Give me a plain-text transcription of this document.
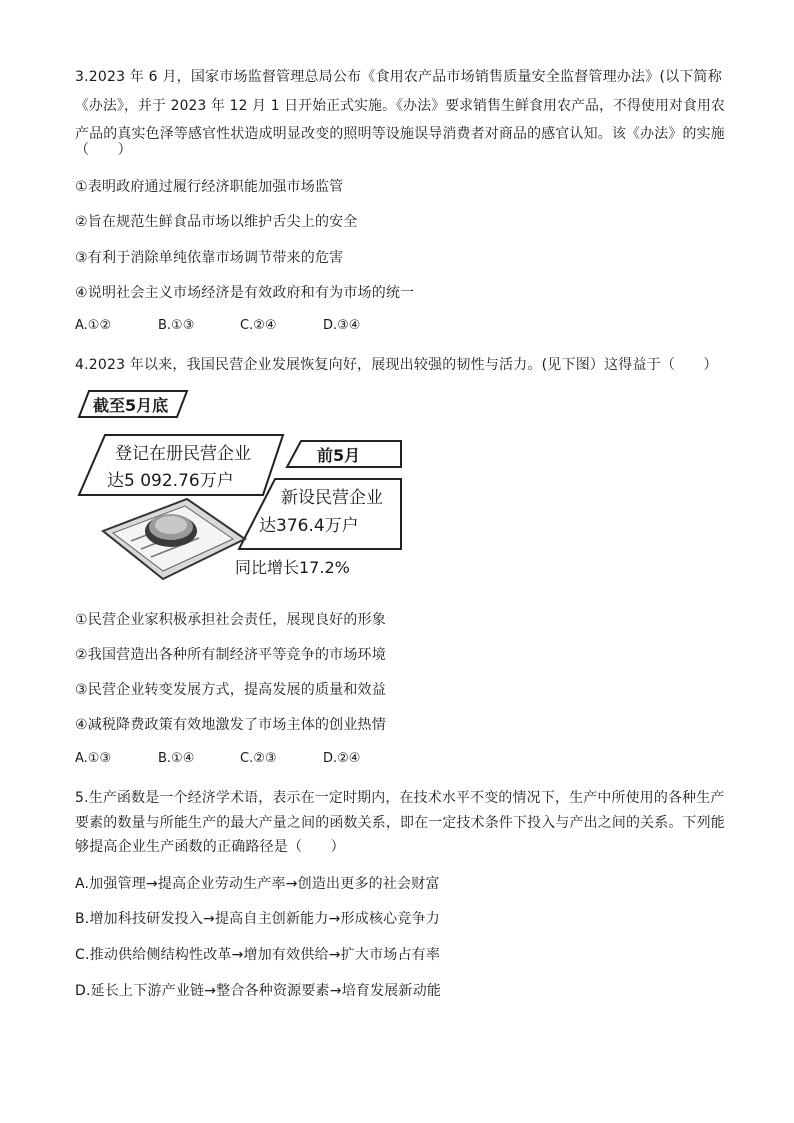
3.2023 年 6 月，国家市场监督管理总局公布《食用农产品市场销售质量安全监督管理办法》(以下简称
《办法》，并于 2023 年 12 月 1 日开始正式实施。《办法》要求销售生鲜食用农产品，不得使用对食用农
产品的真实色泽等感官性状造成明显改变的照明等设施误导消费者对商品的感官认知。该《办法》的实施
（　　）
①表明政府通过履行经济职能加强市场监管
②旨在规范生鲜食品市场以维护舌尖上的安全
③有利于消除单纯依靠市场调节带来的危害
④说明社会主义市场经济是有效政府和有为市场的统一
A.①②	B.①③	C.②④	D.③④
4.2023 年以来，我国民营企业发展恢复向好，展现出较强的韧性与活力。(见下图）这得益于（　　）
截至5月底
登记在册民营企业
达5 092.76万户
前5月
新设民营企业
达376.4万户
同比增长17.2%
①民营企业家积极承担社会责任，展现良好的形象
②我国营造出各种所有制经济平等竞争的市场环境
③民营企业转变发展方式，提高发展的质量和效益
④减税降费政策有效地激发了市场主体的创业热情
A.①③	B.①④	C.②③	D.②④
5.生产函数是一个经济学术语，表示在一定时期内，在技术水平不变的情况下，生产中所使用的各种生产
要素的数量与所能生产的最大产量之间的函数关系，即在一定技术条件下投入与产出之间的关系。下列能
够提高企业生产函数的正确路径是（　　）
A.加强管理→提高企业劳动生产率→创造出更多的社会财富
B.增加科技研发投入→提高自主创新能力→形成核心竞争力
C.推动供给侧结构性改革→增加有效供给→扩大市场占有率
D.延长上下游产业链→整合各种资源要素→培育发展新动能
